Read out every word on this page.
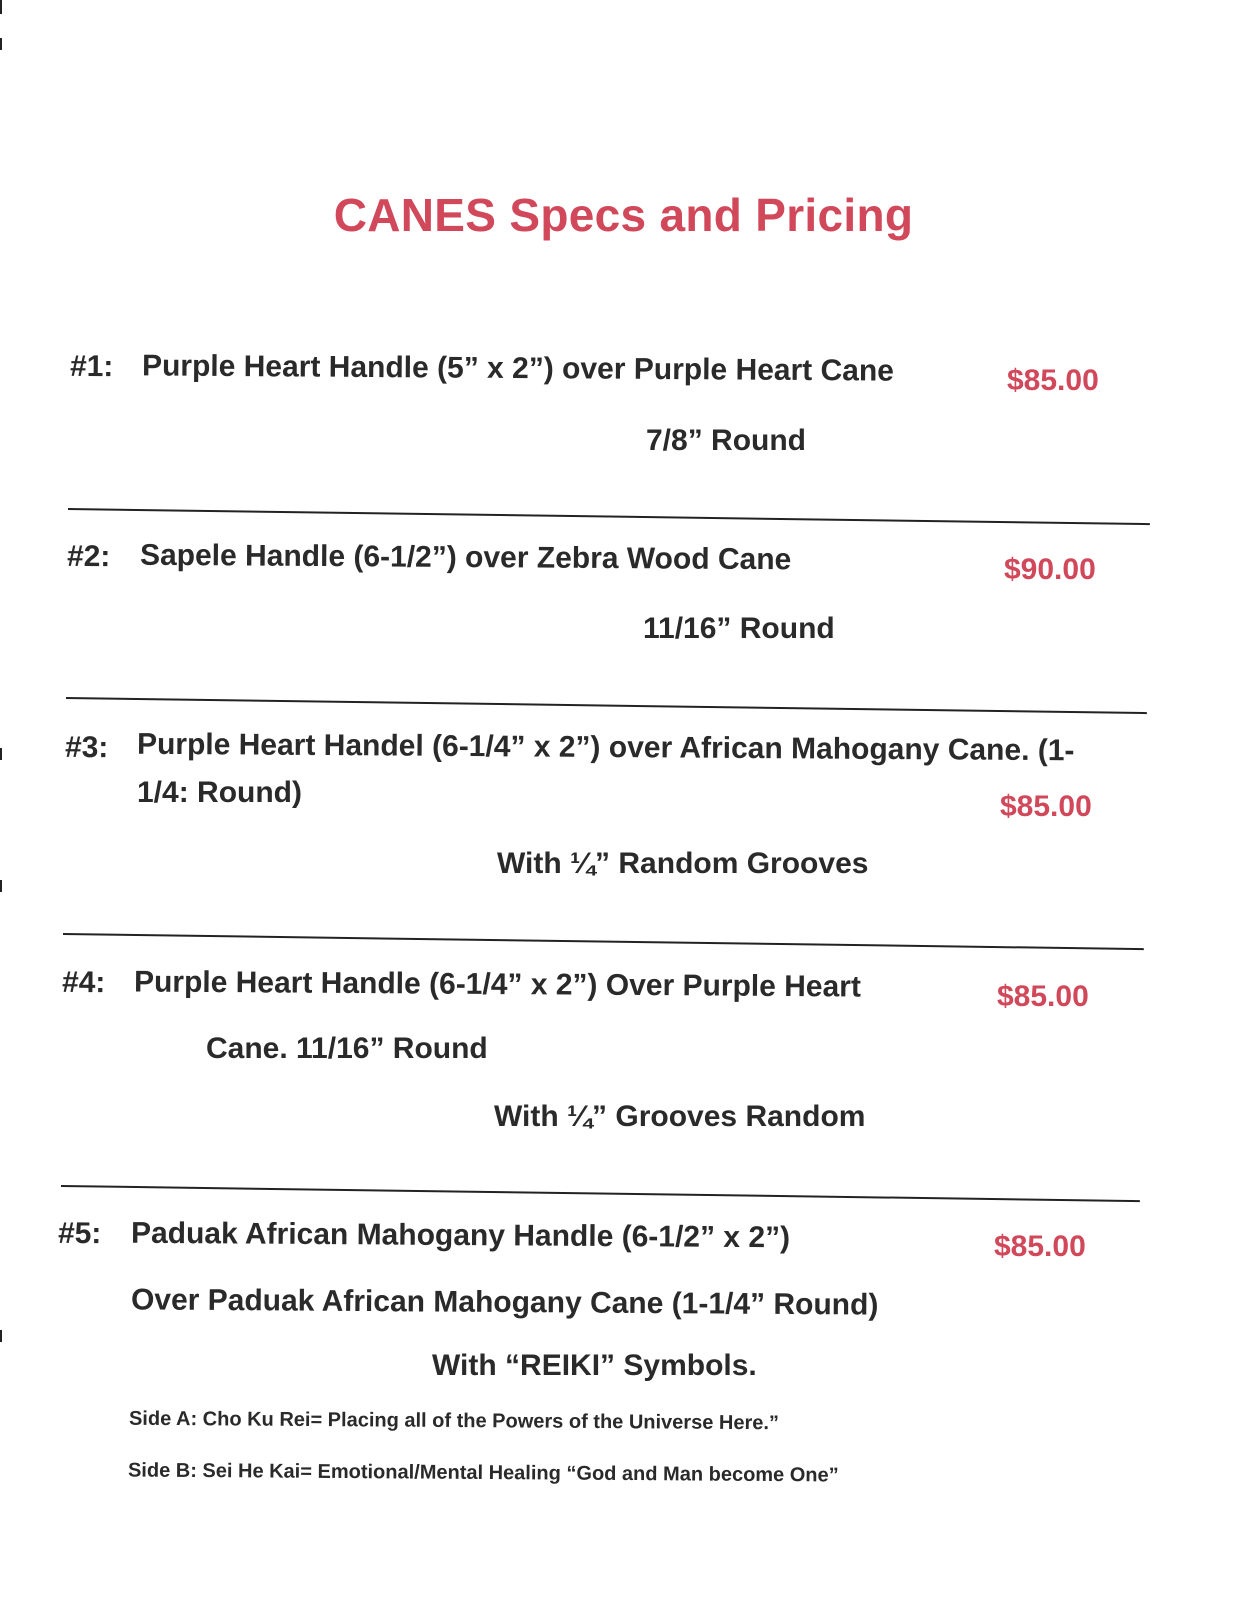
CANES Specs and Pricing
#1: Purple Heart Handle (5” x 2”) over Purple Heart Cane	$85.00
7/8” Round
#2: Sapele Handle (6-1/2”) over Zebra Wood Cane	$90.00
11/16” Round
#3: Purple Heart Handel (6-1/4” x 2”) over African Mahogany Cane. (1-
1/4: Round)	$85.00
With ¼” Random Grooves
#4: Purple Heart Handle (6-1/4” x 2”) Over Purple Heart	$85.00
Cane. 11/16” Round
With ¼” Grooves Random
#5: Paduak African Mahogany Handle (6-1/2” x 2”)	$85.00
Over Paduak African Mahogany Cane (1-1/4” Round)
With “REIKI” Symbols.
Side A: Cho Ku Rei= Placing all of the Powers of the Universe Here.”
Side B: Sei He Kai= Emotional/Mental Healing “God and Man become One”
